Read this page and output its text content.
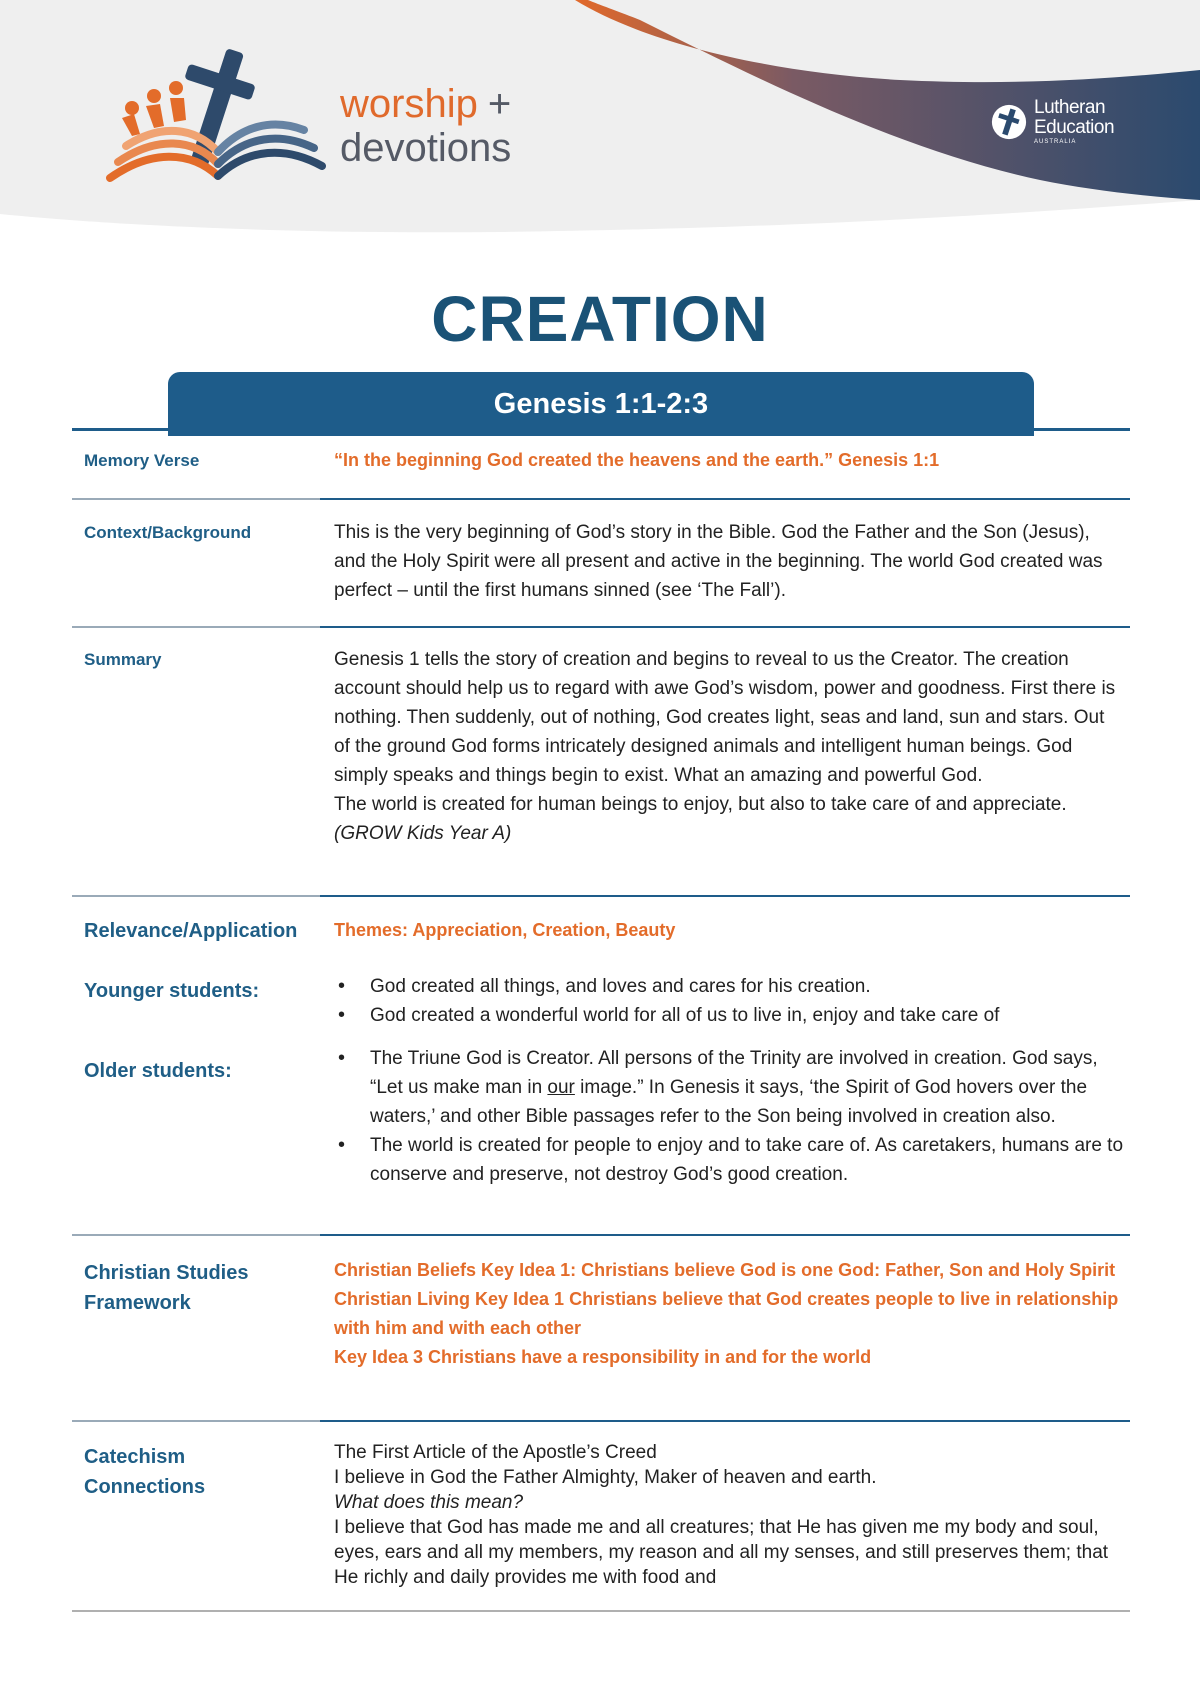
worship +
devotions
Lutheran
Education
AUSTRALIA
CREATION
Genesis 1:1-2:3
Memory Verse	“In the beginning God created the heavens and the earth.” Genesis 1:1
Context/Background	This is the very beginning of God’s story in the Bible. God the Father and the Son (Jesus), and the Holy Spirit were all present and active in the beginning. The world God created was perfect – until the first humans sinned (see ‘The Fall’).
Summary	Genesis 1 tells the story of creation and begins to reveal to us the Creator. The creation account should help us to regard with awe God’s wisdom, power and goodness. First there is nothing. Then suddenly, out of nothing, God creates light, seas and land, sun and stars. Out of the ground God forms intricately designed animals and intelligent human beings. God simply speaks and things begin to exist. What an amazing and powerful God.
The world is created for human beings to enjoy, but also to take care of and appreciate. (GROW Kids Year A)
Relevance/Application Themes: Appreciation, Creation, Beauty
Younger students:
•	God created all things, and loves and cares for his creation.
• God created a wonderful world for all of us to live in, enjoy and take care of
Older students:
• The Triune God is Creator. All persons of the Trinity are involved in creation. God says, “Let us make man in our image.” In Genesis it says, ‘the Spirit of God hovers over the waters,’ and other Bible passages refer to the Son being involved in creation also.
• The world is created for people to enjoy and to take care of. As caretakers, humans are to conserve and preserve, not destroy God’s good creation.
Christian Studies
Framework
Christian Beliefs Key Idea 1: Christians believe God is one God: Father, Son and Holy Spirit
Christian Living Key Idea 1 Christians believe that God creates people to live in relationship with him and with each other
Key Idea 3 Christians have a responsibility in and for the world
Catechism
Connections
The First Article of the Apostle’s Creed
I believe in God the Father Almighty, Maker of heaven and earth.
What does this mean?
I believe that God has made me and all creatures; that He has given me my body and soul, eyes, ears and all my members, my reason and all my senses, and still preserves them; that He richly and daily provides me with food and
